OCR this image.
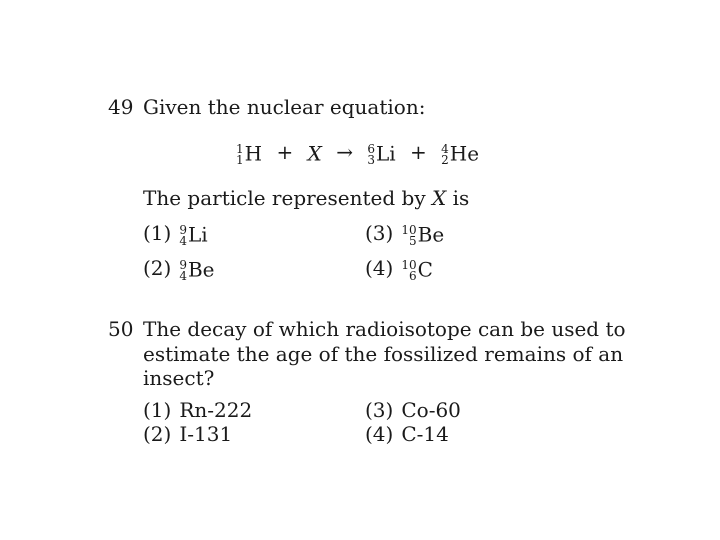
49 Given the nuclear equation:
1
1 H + X → 6
3 Li + 4
2 He
The particle represented by X is
(1) 9
4 Li
(2) 9
4 Be
(3) 10
5 Be
(4) 10
6 C
50 The decay of which radioisotope can be used to
estimate the age of the fossilized remains of an
insect?
(1) Rn-222
(2) I-131
(3) Co-60
(4) C-14
